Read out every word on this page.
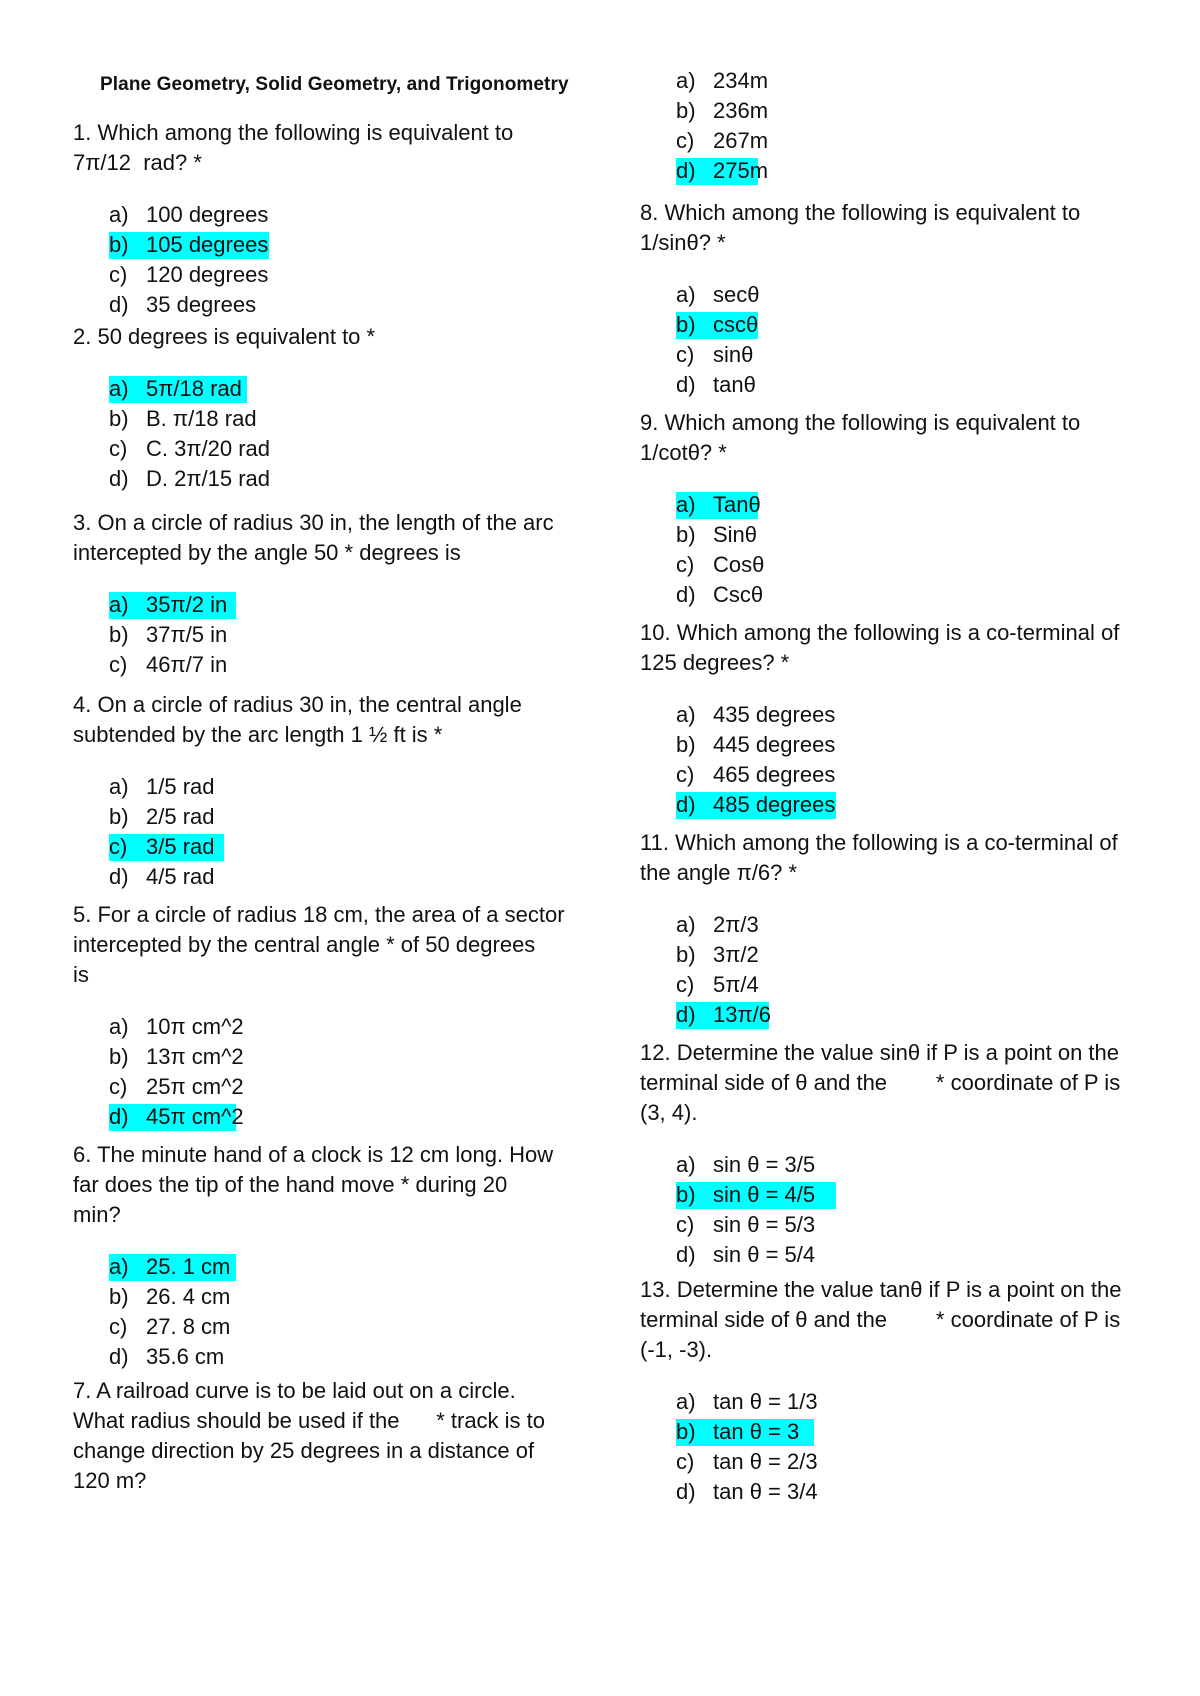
Plane Geometry, Solid Geometry, and Trigonometry
1. Which among the following is equivalent to
7π/12  rad? *
a) 100 degrees
b) 105 degrees
c) 120 degrees
d) 35 degrees
2. 50 degrees is equivalent to *
a) 5π/18 rad
b) B. π/18 rad
c) C. 3π/20 rad
d) D. 2π/15 rad
3. On a circle of radius 30 in, the length of the arc
intercepted by the angle 50 * degrees is
a) 35π/2 in
b) 37π/5 in
c) 46π/7 in
4. On a circle of radius 30 in, the central angle
subtended by the arc length 1 ½ ft is *
a) 1/5 rad
b) 2/5 rad
c) 3/5 rad
d) 4/5 rad
5. For a circle of radius 18 cm, the area of a sector
intercepted by the central angle * of 50 degrees
is
a) 10π cm^2
b) 13π cm^2
c) 25π cm^2
d) 45π cm^2
6. The minute hand of a clock is 12 cm long. How
far does the tip of the hand move * during 20
min?
a) 25. 1 cm
b) 26. 4 cm
c) 27. 8 cm
d) 35.6 cm
7. A railroad curve is to be laid out on a circle.
What radius should be used if the      * track is to
change direction by 25 degrees in a distance of
120 m?
a) 234m
b) 236m
c) 267m
d) 275m
8. Which among the following is equivalent to
1/sinθ? *
a) secθ
b) cscθ
c) sinθ
d) tanθ
9. Which among the following is equivalent to
1/cotθ? *
a) Tanθ
b) Sinθ
c) Cosθ
d) Cscθ
10. Which among the following is a co-terminal of
125 degrees? *
a) 435 degrees
b) 445 degrees
c) 465 degrees
d) 485 degrees
11. Which among the following is a co-terminal of
the angle π/6? *
a) 2π/3
b) 3π/2
c) 5π/4
d) 13π/6
12. Determine the value sinθ if P is a point on the
terminal side of θ and the        * coordinate of P is
(3, 4).
a) sin θ = 3/5
b) sin θ = 4/5
c) sin θ = 5/3
d) sin θ = 5/4
13. Determine the value tanθ if P is a point on the
terminal side of θ and the        * coordinate of P is
(-1, -3).
a) tan θ = 1/3
b) tan θ = 3
c) tan θ = 2/3
d) tan θ = 3/4
